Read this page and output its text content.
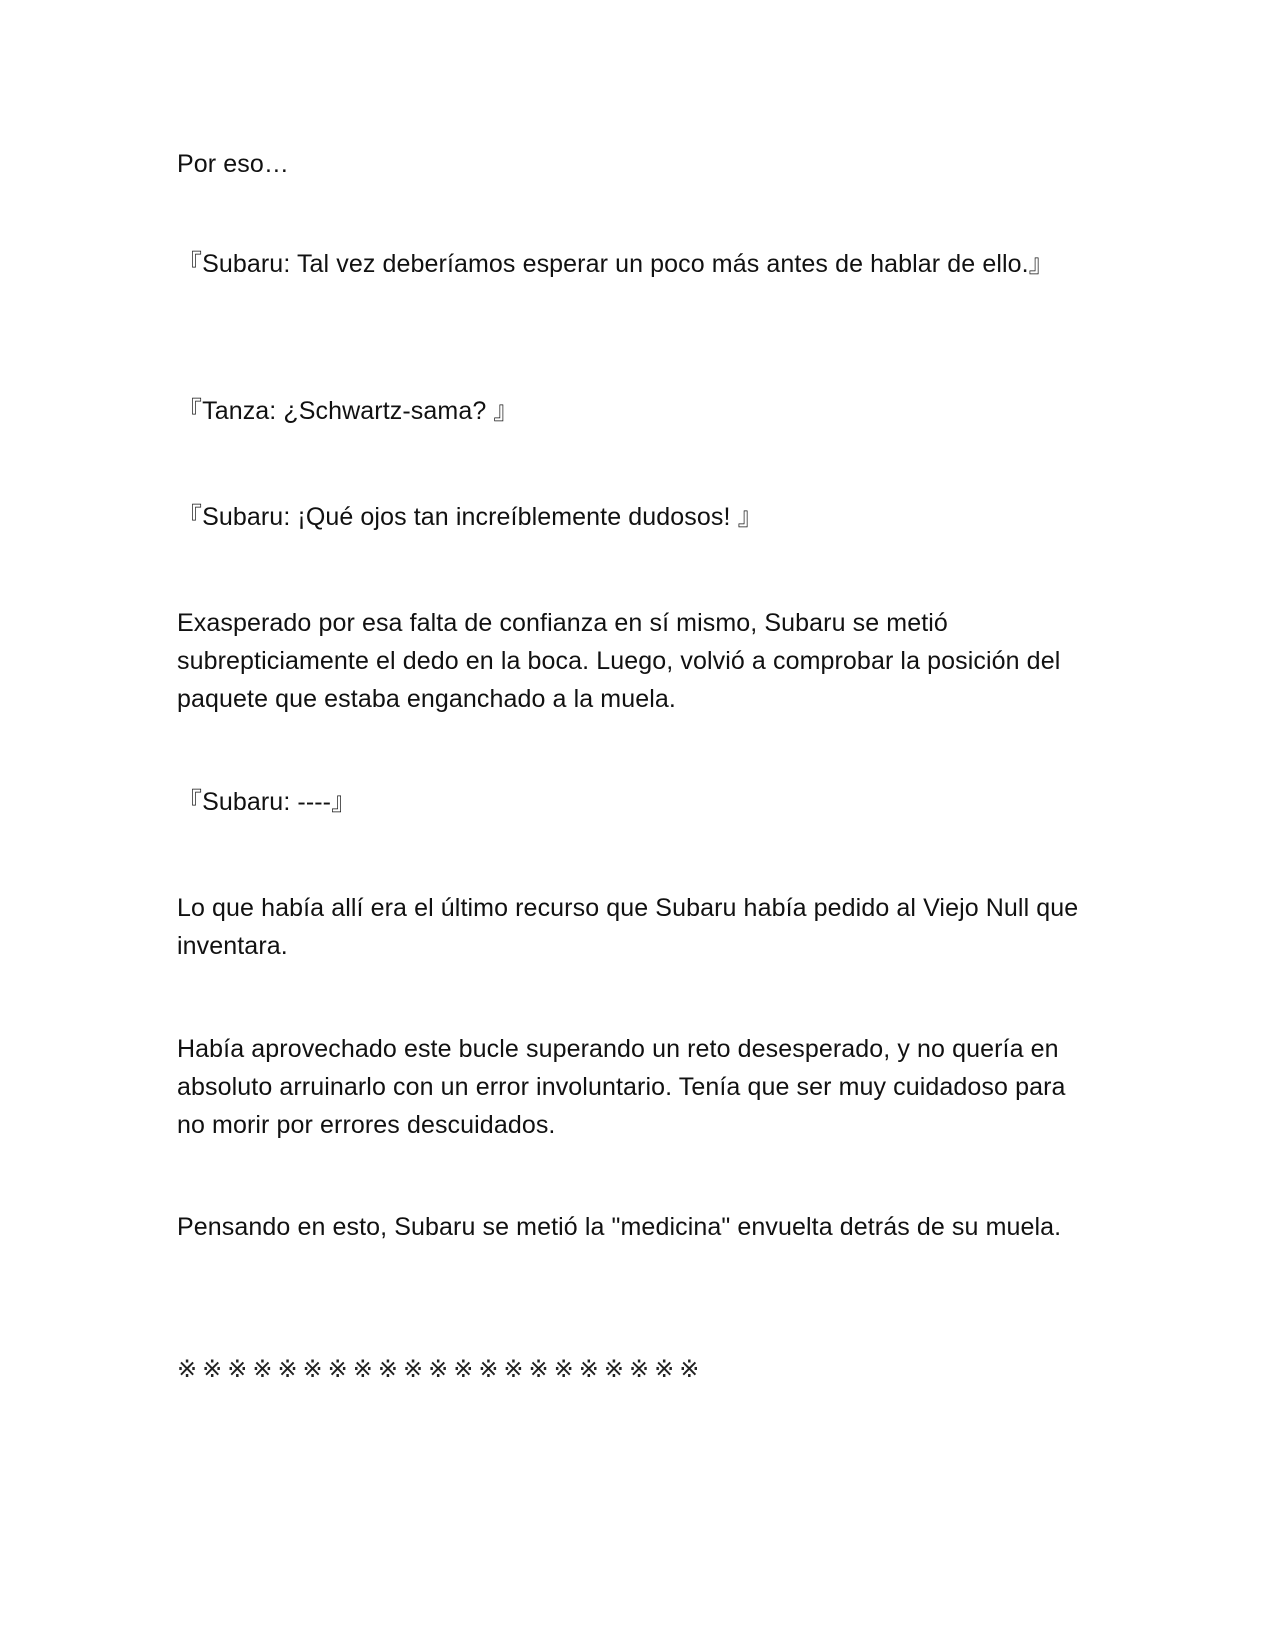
Por eso…

『Subaru: Tal vez deberíamos esperar un poco más antes de hablar de ello.』

『Tanza: ¿Schwartz-sama? 』

『Subaru: ¡Qué ojos tan increíblemente dudosos! 』

Exasperado por esa falta de confianza en sí mismo, Subaru se metió subrepticiamente el dedo en la boca. Luego, volvió a comprobar la posición del paquete que estaba enganchado a la muela.

『Subaru: ----』

Lo que había allí era el último recurso que Subaru había pedido al Viejo Null que inventara.

Había aprovechado este bucle superando un reto desesperado, y no quería en absoluto arruinarlo con un error involuntario. Tenía que ser muy cuidadoso para no morir por errores descuidados.

Pensando en esto, Subaru se metió la "medicina" envuelta detrás de su muela.

※※※※※※※※※※※※※※※※※※※※※
